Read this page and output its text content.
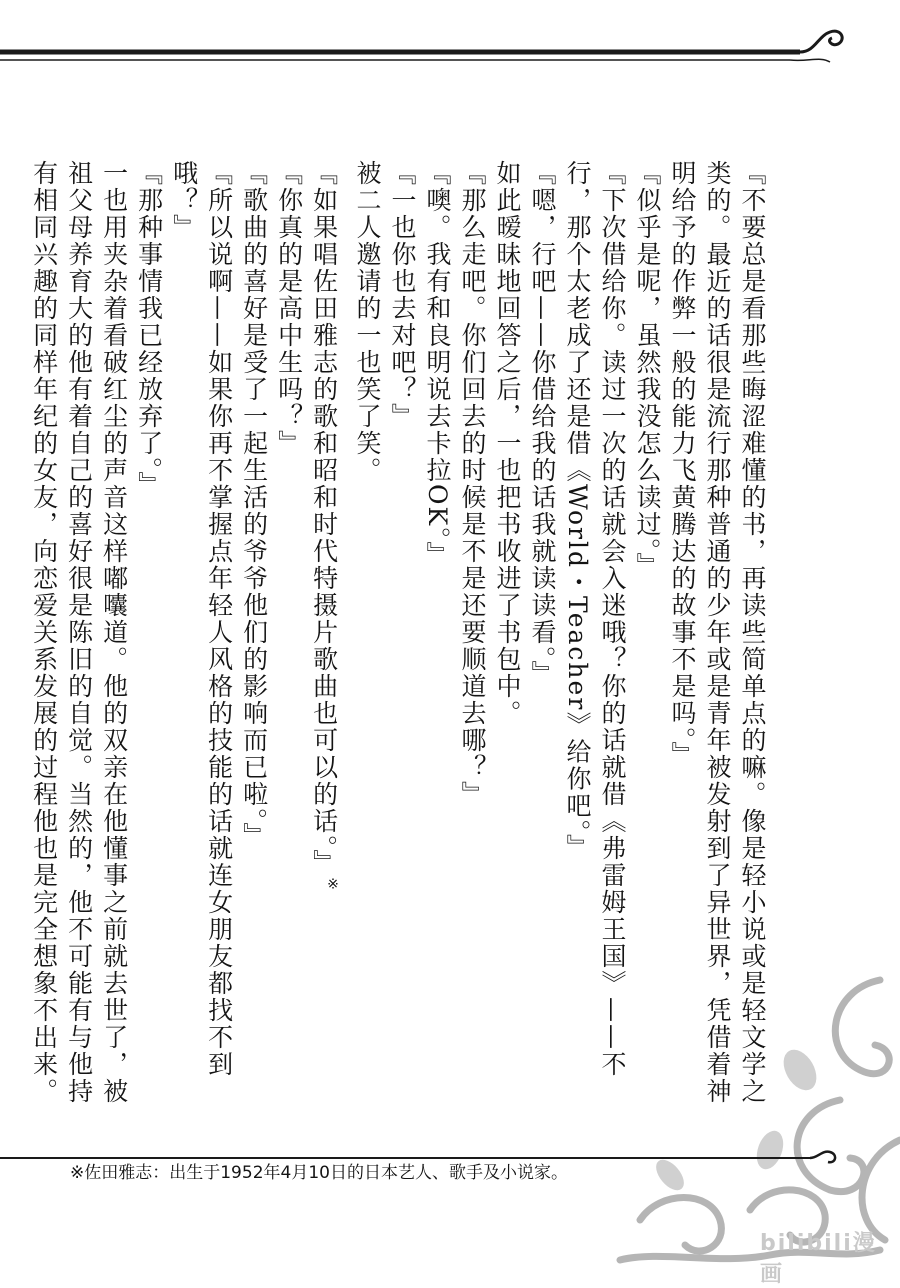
『不要总是看那些晦涩难懂的书，再读些简单点的嘛。像是轻小说或是轻文学之类的。最近的话很是流行那种普通的少年或是青年被发射到了异世界，凭借着神明给予的作弊一般的能力飞黄腾达的故事不是吗。』

『似乎是呢，虽然我没怎么读过。』

『下次借给你。读过一次的话就会入迷哦？你的话就借《弗雷姆王国》——不行，那个太老成了还是借《World・Teacher》给你吧。』

『嗯，行吧——你借给我的话我就读读看。』

如此暧昧地回答之后，一也把书收进了书包中。

『那么走吧。你们回去的时候是不是还要顺道去哪？』

『噢。我有和良明说去卡拉OK。』

『一也你也去对吧？』

被二人邀请的一也笑了笑。

『如果唱佐田雅志的歌和昭和时代特摄片歌曲也可以的话。』※

『你真的是高中生吗？』

『歌曲的喜好是受了一起生活的爷爷他们的影响而已啦。』

『所以说啊——如果你再不掌握点年轻人风格的技能的话就连女朋友都找不到哦？』

『那种事情我已经放弃了。』

一也用夹杂着看破红尘的声音这样嘟囔道。他的双亲在他懂事之前就去世了，被祖父母养育大的他有着自己的喜好很是陈旧的自觉。当然的，他不可能有与他持有相同兴趣的同样年纪的女友，向恋爱关系发展的过程他也是完全想象不出来。

※佐田雅志：出生于1952年4月10日的日本艺人、歌手及小说家。
bilibili漫画
